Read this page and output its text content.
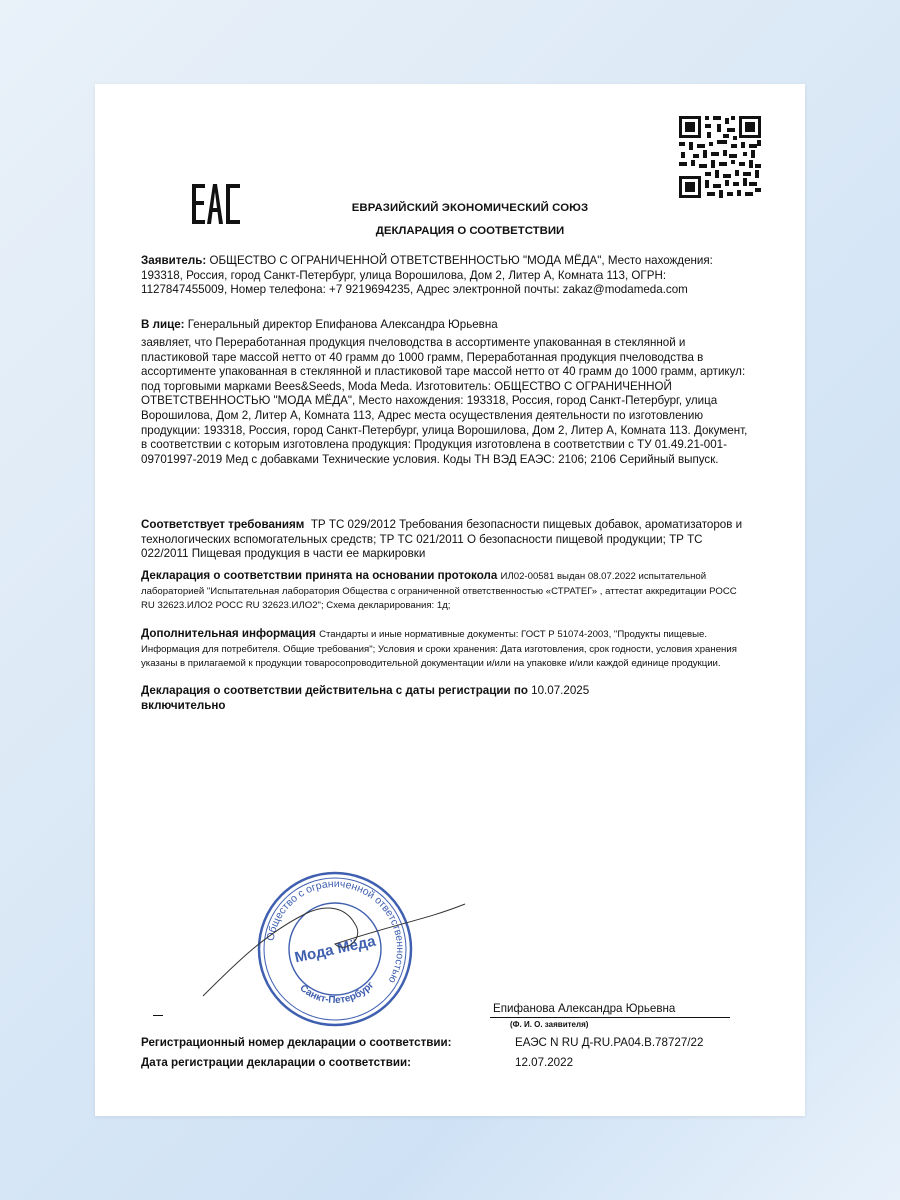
ЕВРАЗИЙСКИЙ ЭКОНОМИЧЕСКИЙ СОЮЗ
ДЕКЛАРАЦИЯ О СООТВЕТСТВИИ
Заявитель: ОБЩЕСТВО С ОГРАНИЧЕННОЙ ОТВЕТСТВЕННОСТЬЮ "МОДА МЁДА", Место нахождения: 193318, Россия, город Санкт-Петербург, улица Ворошилова, Дом 2, Литер А, Комната 113, ОГРН: 1127847455009, Номер телефона: +7 9219694235, Адрес электронной почты: zakaz@modameda.com
В лице: Генеральный директор Епифанова Александра Юрьевна
заявляет, что Переработанная продукция пчеловодства в ассортименте упакованная в стеклянной и пластиковой таре массой нетто от 40 грамм до 1000 грамм, Переработанная продукция пчеловодства в ассортименте упакованная в стеклянной и пластиковой таре массой нетто от 40 грамм до 1000 грамм, артикул: под торговыми марками Bees&Seeds, Moda Meda. Изготовитель: ОБЩЕСТВО С ОГРАНИЧЕННОЙ ОТВЕТСТВЕННОСТЬЮ "МОДА МЁДА", Место нахождения: 193318, Россия, город Санкт-Петербург, улица Ворошилова, Дом 2, Литер А, Комната 113, Адрес места осуществления деятельности по изготовлению продукции: 193318, Россия, город Санкт-Петербург, улица Ворошилова, Дом 2, Литер А, Комната 113. Документ, в соответствии с которым изготовлена продукция: Продукция изготовлена в соответствии с ТУ 01.49.21-001-09701997-2019 Мед с добавками Технические условия. Коды ТН ВЭД ЕАЭС: 2106; 2106 Серийный выпуск.
Соответствует требованиям ТР ТС 029/2012 Требования безопасности пищевых добавок, ароматизаторов и технологических вспомогательных средств; ТР ТС 021/2011 О безопасности пищевой продукции; ТР ТС 022/2011 Пищевая продукция в части ее маркировки
Декларация о соответствии принята на основании протокола ИЛ02-00581 выдан 08.07.2022 испытательной лабораторией "Испытательная лаборатория Общества с ограниченной ответственностью «СТРАТЕГ» , аттестат аккредитации РОСС RU 32623.ИЛО2 РОСС RU 32623.ИЛО2"; Схема декларирования: 1д;
Дополнительная информация Стандарты и иные нормативные документы: ГОСТ Р 51074-2003, "Продукты пищевые. Информация для потребителя. Общие требования"; Условия и сроки хранения: Дата изготовления, срок годности, условия хранения указаны в прилагаемой к продукции товаросопроводительной документации и/или на упаковке и/или каждой единице продукции.
Декларация о соответствии действительна с даты регистрации по 10.07.2025
включительно
Общество с ограниченной ответственностью
Мода Мёда
Санкт-Петербург
Епифанова Александра Юрьевна
(Ф. И. О. заявителя)
Регистрационный номер декларации о соответствии:	ЕАЭС N RU Д-RU.PA04.B.78727/22
Дата регистрации декларации о соответствии:	12.07.2022
